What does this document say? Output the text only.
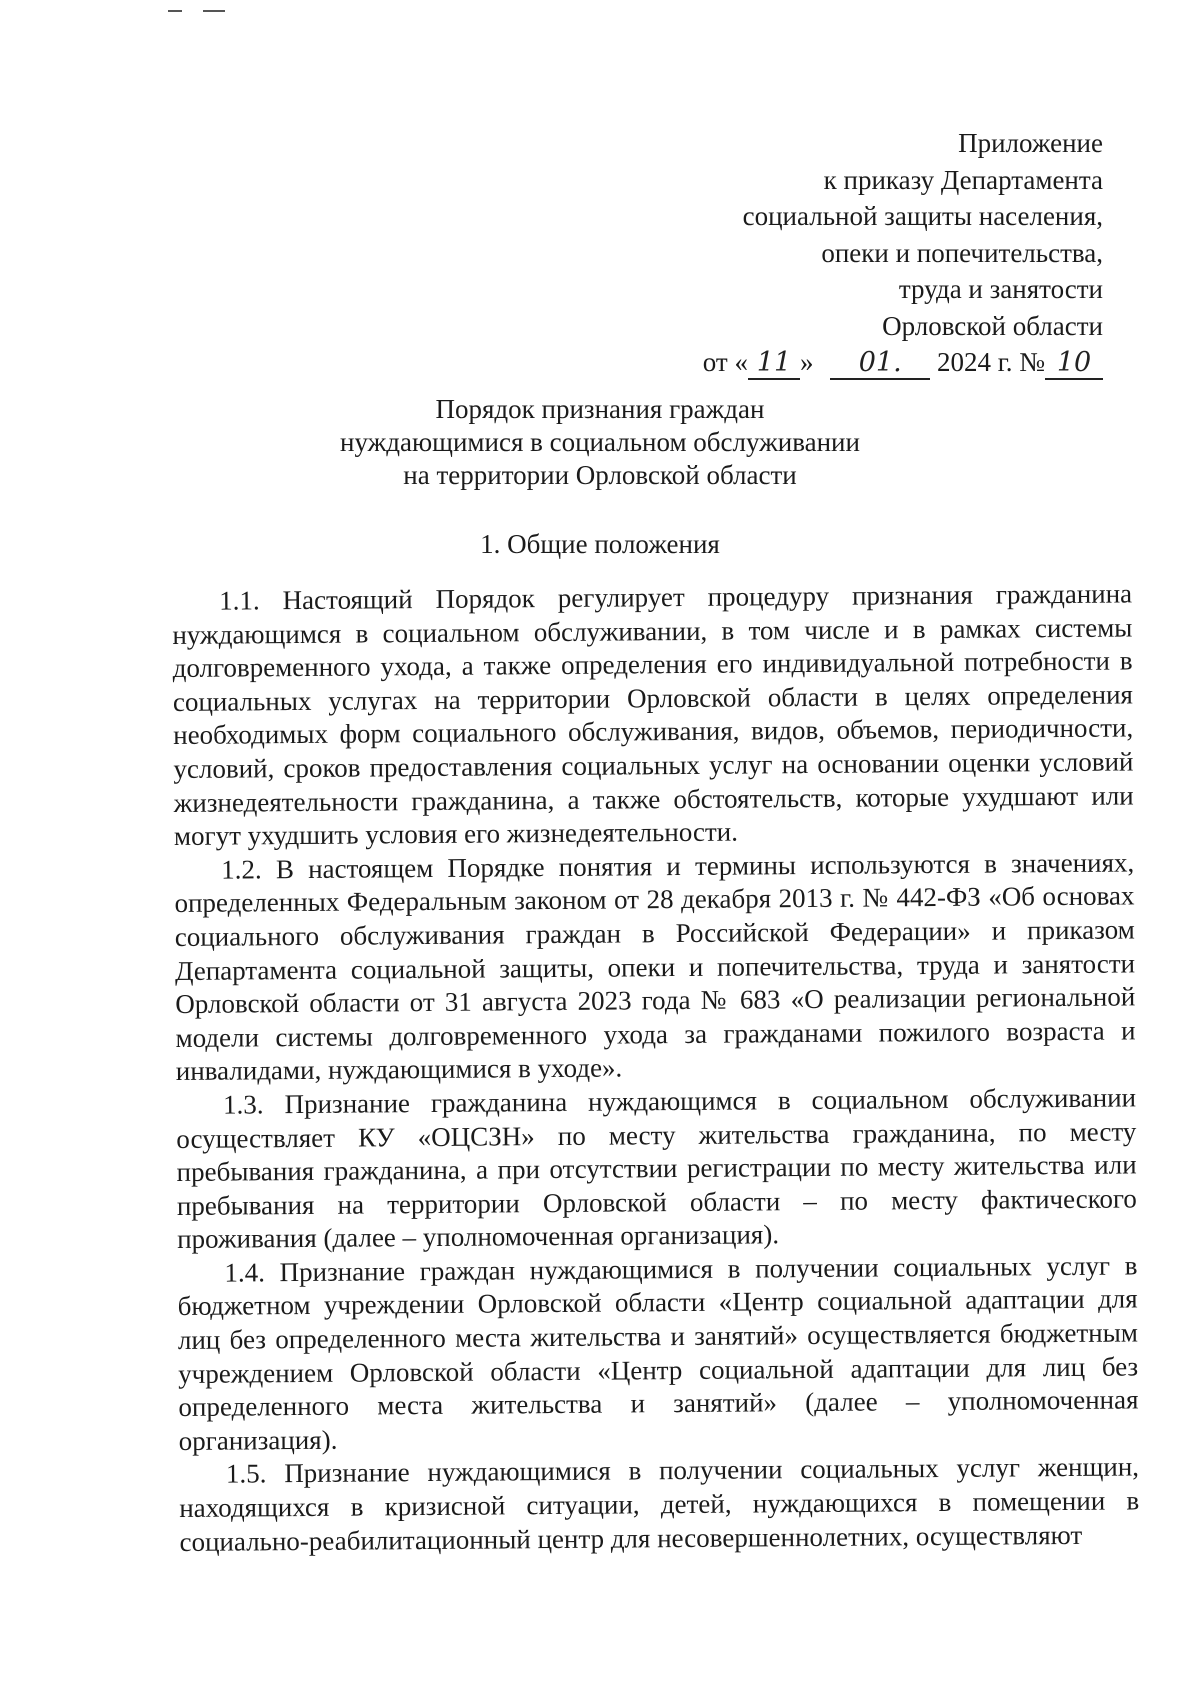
Приложение
к приказу Департамента
социальной защиты населения,
опеки и попечительства,
труда и занятости
Орловской области
от « 11 » 01. 2024 г. № 10
Порядок признания граждан
нуждающимися в социальном обслуживании
на территории Орловской области
1. Общие положения

1.1. Настоящий Порядок регулирует процедуру признания гражданина нуждающимся в социальном обслуживании, в том числе и в рамках системы долговременного ухода, а также определения его индивидуальной потребности в социальных услугах на территории Орловской области в целях определения необходимых форм социального обслуживания, видов, объемов, периодичности, условий, сроков предоставления социальных услуг на основании оценки условий жизнедеятельности гражданина, а также обстоятельств, которые ухудшают или могут ухудшить условия его жизнедеятельности.

1.2. В настоящем Порядке понятия и термины используются в значениях, определенных Федеральным законом от 28 декабря 2013 г. № 442-ФЗ «Об основах социального обслуживания граждан в Российской Федерации» и приказом Департамента социальной защиты, опеки и попечительства, труда и занятости Орловской области от 31 августа 2023 года № 683 «О реализации региональной модели системы долговременного ухода за гражданами пожилого возраста и инвалидами, нуждающимися в уходе».

1.3. Признание гражданина нуждающимся в социальном обслуживании осуществляет КУ «ОЦСЗН» по месту жительства гражданина, по месту пребывания гражданина, а при отсутствии регистрации по месту жительства или пребывания на территории Орловской области – по месту фактического проживания (далее – уполномоченная организация).

1.4. Признание граждан нуждающимися в получении социальных услуг в бюджетном учреждении Орловской области «Центр социальной адаптации для лиц без определенного места жительства и занятий» осуществляется бюджетным учреждением Орловской области «Центр социальной адаптации для лиц без определенного места жительства и занятий» (далее – уполномоченная организация).

1.5. Признание нуждающимися в получении социальных услуг женщин, находящихся в кризисной ситуации, детей, нуждающихся в помещении в социально-реабилитационный центр для несовершеннолетних, осуществляют
